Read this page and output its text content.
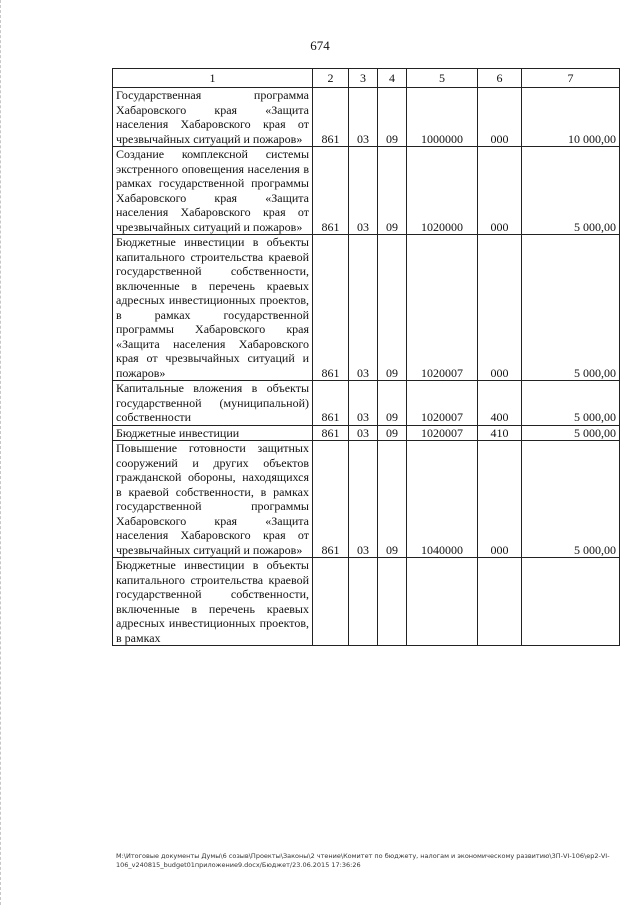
674
1	2	3	4	5	6	7
Государственная программа Хабаровского края «Защита населения Хабаровского края от чрезвычайных ситуаций и пожаров»	861	03	09	1000000	000	10 000,00
Создание комплексной системы экстренного оповещения населения в рамках государственной программы Хабаровского края «Защита населения Хабаровского края от чрезвычайных ситуаций и пожаров»	861	03	09	1020000	000	5 000,00
Бюджетные инвестиции в объекты капитального строительства краевой государственной собственности, включенные в перечень краевых адресных инвестиционных проектов, в рамках государственной программы Хабаровского края «Защита населения Хабаровского края от чрезвычайных ситуаций и пожаров»	861	03	09	1020007	000	5 000,00
Капитальные вложения в объекты государственной (муниципальной) собственности	861	03	09	1020007	400	5 000,00
Бюджетные инвестиции	861	03	09	1020007	410	5 000,00
Повышение готовности защитных сооружений и других объектов гражданской обороны, находящихся в краевой собственности, в рамках государственной программы Хабаровского края «Защита населения Хабаровского края от чрезвычайных ситуаций и пожаров»	861	03	09	1040000	000	5 000,00
Бюджетные инвестиции в объекты капитального строительства краевой государственной собственности, включенные в перечень краевых адресных инвестиционных проектов, в рамках						
M:\Итоговые документы Думы\6 созыв\Проекты\Законы\2 чтение\Комитет по бюджету, налогам и экономическому развитию\3П-VI-106\ер2-VI-106_v240815_budget01приложение9.docx/Бюджет/23.06.2015 17:36:26
